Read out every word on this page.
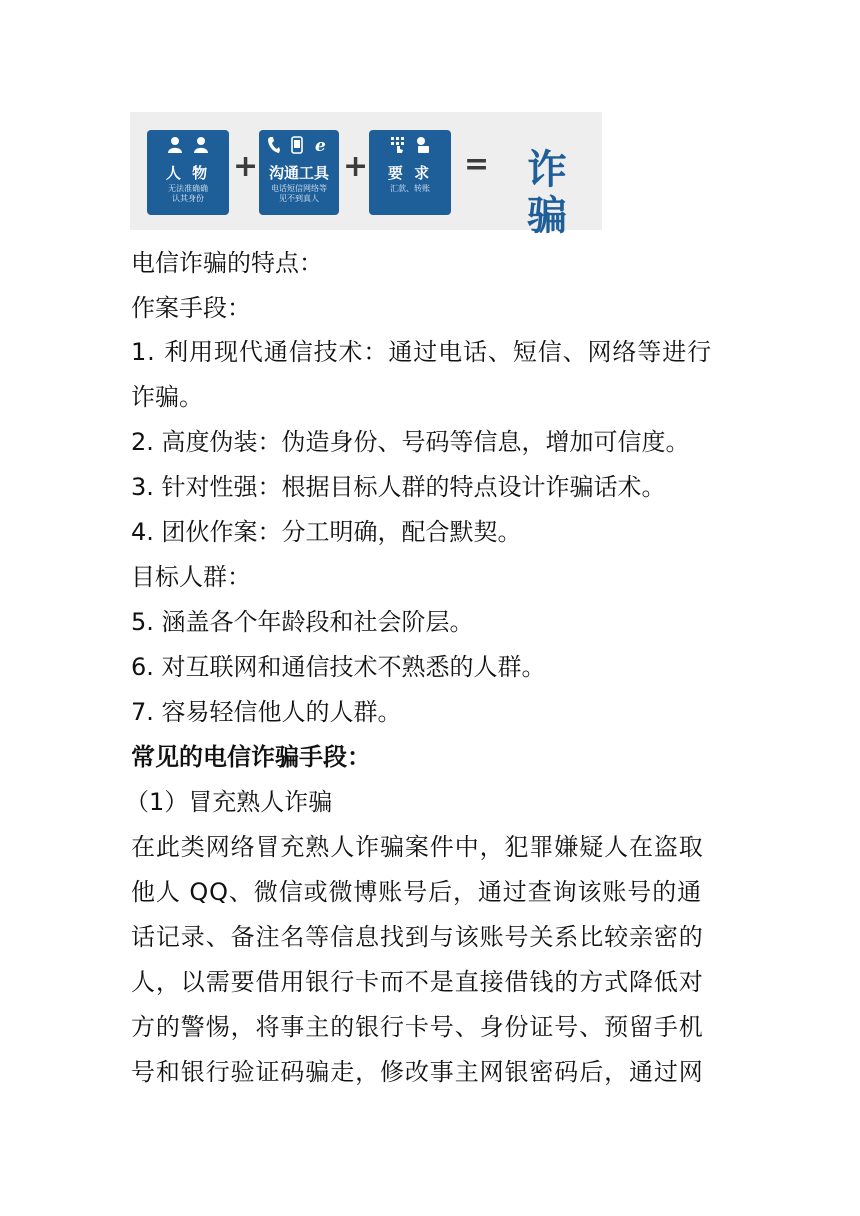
人 物
无法准确确
认其身份
+
e
沟通工具
电话短信网络等
见不到真人
+	要 求
汇款、转账
= 诈骗
电信诈骗的特点：
作案手段：
1. 利用现代通信技术：通过电话、短信、网络等进行
诈骗。
2. 高度伪装：伪造身份、号码等信息，增加可信度。
3. 针对性强：根据目标人群的特点设计诈骗话术。
4. 团伙作案：分工明确，配合默契。
目标人群：
5. 涵盖各个年龄段和社会阶层。
6. 对互联网和通信技术不熟悉的人群。
7. 容易轻信他人的人群。
常见的电信诈骗手段：
（1）冒充熟人诈骗
在此类网络冒充熟人诈骗案件中，犯罪嫌疑人在盗取
他人 QQ、微信或微博账号后，通过查询该账号的通
话记录、备注名等信息找到与该账号关系比较亲密的
人，以需要借用银行卡而不是直接借钱的方式降低对
方的警惕，将事主的银行卡号、身份证号、预留手机
号和银行验证码骗走，修改事主网银密码后，通过网
